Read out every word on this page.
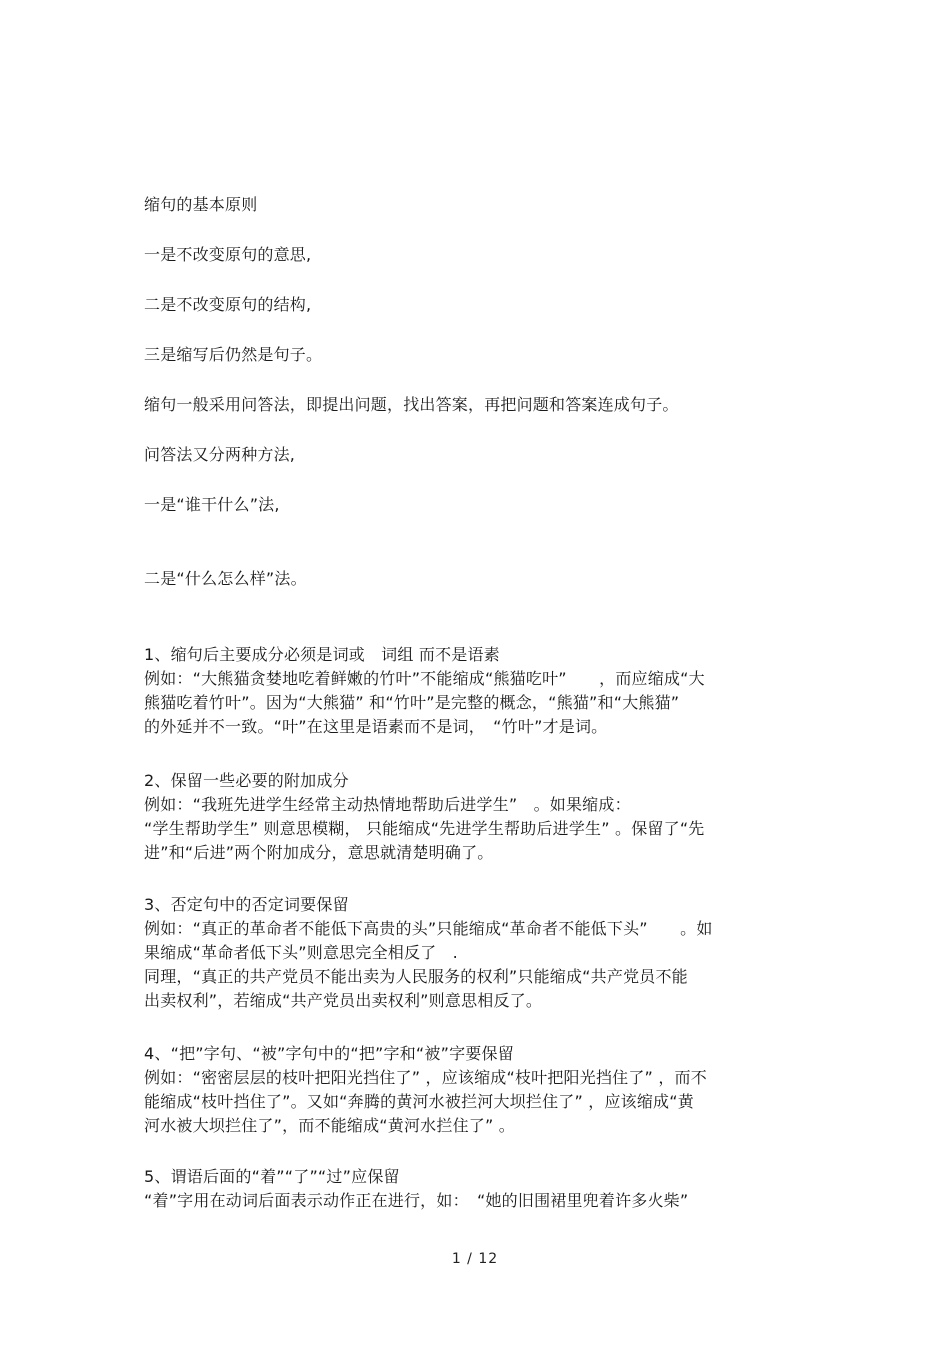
缩句的基本原则
一是不改变原句的意思,
二是不改变原句的结构,
三是缩写后仍然是句子。
缩句一般采用问答法，即提出问题，找出答案，再把问题和答案连成句子。
问答法又分两种方法,
一是“谁干什么”法,
二是“什么怎么样”法。
1、缩句后主要成分必须是词或　词组 而不是语素
例如：“大熊猫贪婪地吃着鲜嫩的竹叶”不能缩成“熊猫吃叶”　　，而应缩成“大
熊猫吃着竹叶”。因为“大熊猫” 和“竹叶”是完整的概念，“熊猫”和“大熊猫”
的外延并不一致。“叶”在这里是语素而不是词，　“竹叶”才是词。
2、保留一些必要的附加成分
例如：“我班先进学生经常主动热情地帮助后进学生”　。如果缩成：
“学生帮助学生” 则意思模糊， 只能缩成“先进学生帮助后进学生” 。保留了“先
进”和“后进”两个附加成分，意思就清楚明确了。
3、否定句中的否定词要保留
例如：“真正的革命者不能低下高贵的头”只能缩成“革命者不能低下头”　　。如
果缩成“革命者低下头”则意思完全相反了　.
同理，“真正的共产党员不能出卖为人民服务的权利”只能缩成“共产党员不能
出卖权利”，若缩成“共产党员出卖权利”则意思相反了。
4、“把”字句、“被”字句中的“把”字和“被”字要保留
例如：“密密层层的枝叶把阳光挡住了” ，应该缩成“枝叶把阳光挡住了” ，而不
能缩成“枝叶挡住了”。又如“奔腾的黄河水被拦河大坝拦住了” ，应该缩成“黄
河水被大坝拦住了”，而不能缩成“黄河水拦住了” 。
5、谓语后面的“着”“了”“过”应保留
“着”字用在动词后面表示动作正在进行，如：　“她的旧围裙里兜着许多火柴”
1 / 12
